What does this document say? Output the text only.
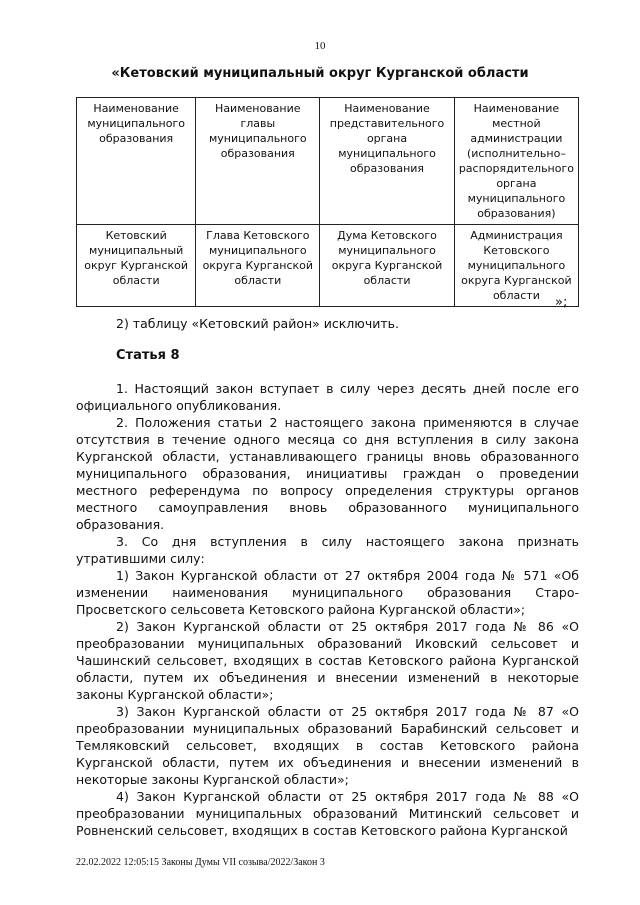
10
«Кетовский муниципальный округ Курганской области
Наименование муниципального образования	Наименование главы муниципального образования	Наименование представительного органа муниципального образования	Наименование местной администрации (исполнительно–распорядительного органа муниципального образования)
Кетовский муниципальный округ Курганской области	Глава Кетовского муниципального округа Курганской области	Дума Кетовского муниципального округа Курганской области	Администрация Кетовского муниципального округа Курганской области »;

2) таблицу «Кетовский район» исключить.

Статья 8

1. Настоящий закон вступает в силу через десять дней после его официального опубликования.

2. Положения статьи 2 настоящего закона применяются в случае отсутствия в течение одного месяца со дня вступления в силу закона Курганской области, устанавливающего границы вновь образованного муниципального образования, инициативы граждан о проведении местного референдума по вопросу определения структуры органов местного самоуправления вновь образованного муниципального образования.

3. Со дня вступления в силу настоящего закона признать утратившими силу:

1) Закон Курганской области от 27 октября 2004 года № 571 «Об изменении наименования муниципального образования Старо-Просветского сельсовета Кетовского района Курганской области»;

2) Закон Курганской области от 25 октября 2017 года № 86 «О преобразовании муниципальных образований Иковский сельсовет и Чашинский сельсовет, входящих в состав Кетовского района Курганской области, путем их объединения и внесении изменений в некоторые законы Курганской области»;

3) Закон Курганской области от 25 октября 2017 года № 87 «О преобразовании муниципальных образований Барабинский сельсовет и Темляковский сельсовет, входящих в состав Кетовского района Курганской области, путем их объединения и внесении изменений в некоторые законы Курганской области»;

4) Закон Курганской области от 25 октября 2017 года № 88 «О преобразовании муниципальных образований Митинский сельсовет и Ровненский сельсовет, входящих в состав Кетовского района Курганской

22.02.2022 12:05:15 Законы Думы VII созыва/2022/Закон 3
